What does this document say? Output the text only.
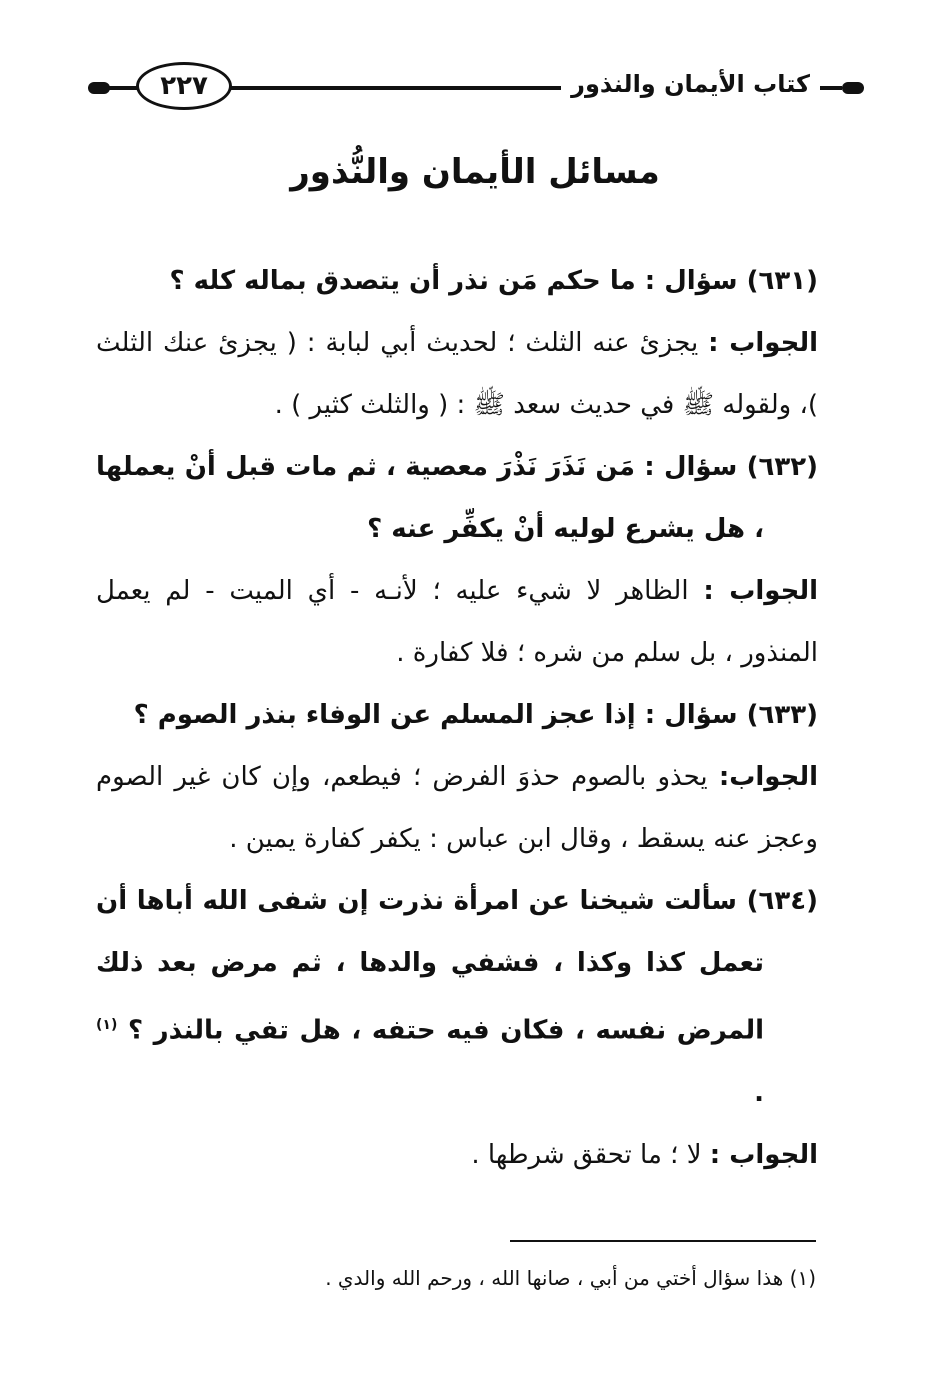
٢٢٧	كتاب الأيمان والنذور
مسائل الأيمان والنُّذور

(٦٣١) سؤال : ما حكم مَن نذر أن يتصدق بماله كله ؟

الجواب : يجزئ عنه الثلث ؛ لحديث أبي لبابة : ( يجزئ عنك الثلث )، ولقوله ﷺ في حديث سعد ﷺ : ( والثلث كثير ) .

(٦٣٢) سؤال : مَن نَذَرَ نَذْرَ معصية ، ثم مات قبل أنْ يعملها ، هل يشرع لوليه أنْ يكفِّر عنه ؟

الجواب : الظاهر لا شيء عليه ؛ لأنـه - أي الميت - لم يعمل المنذور ، بل سلم من شره ؛ فلا كفارة .

(٦٣٣) سؤال : إذا عجز المسلم عن الوفاء بنذر الصوم ؟

الجواب: يحذو بالصوم حذوَ الفرض ؛ فيطعم، وإن كان غير الصوم وعجز عنه يسقط ، وقال ابن عباس : يكفر كفارة يمين .

(٦٣٤) سألت شيخنا عن امرأة نذرت إن شفى الله أباها أن تعمل كذا وكذا ، فشفي والدها ، ثم مرض بعد ذلك المرض نفسه ، فكان فيه حتفه ، هل تفي بالنذر ؟ $^{(١)}$ .

الجواب : لا ؛ ما تحقق شرطها .

(١) هذا سؤال أختي من أبي ، صانها الله ، ورحم الله والدي .
